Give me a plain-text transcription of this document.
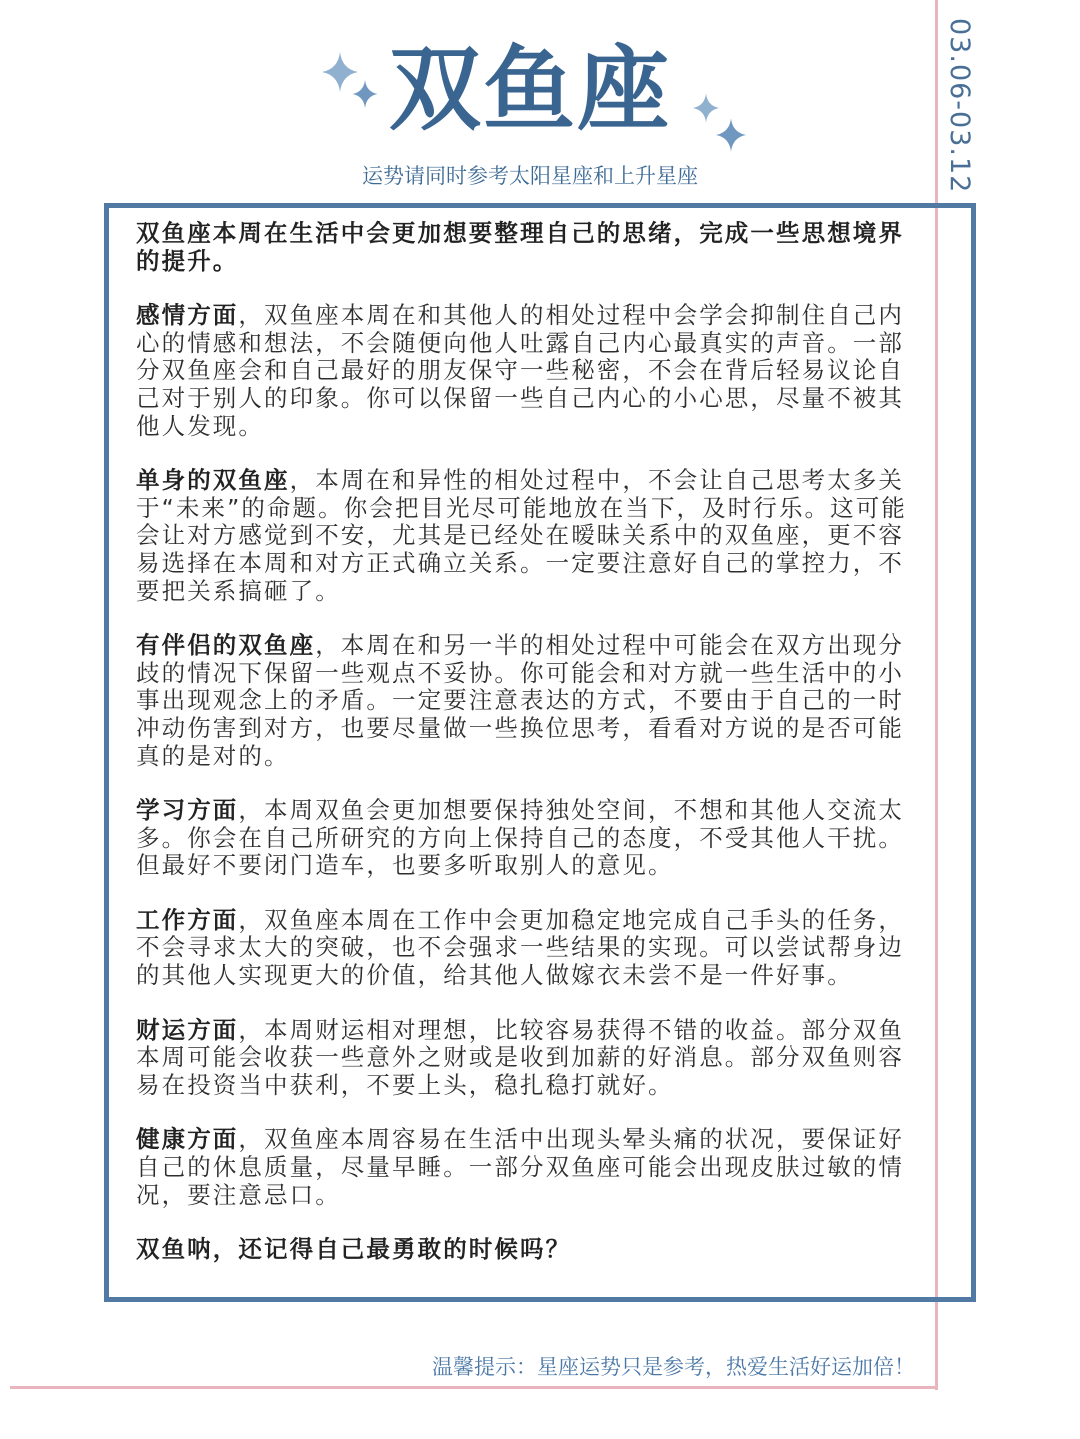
03.06-03.12
双鱼座
运势请同时参考太阳星座和上升星座

双鱼座本周在生活中会更加想要整理自己的思绪，完成一些思想境界的提升。

感情方面，双鱼座本周在和其他人的相处过程中会学会抑制住自己内心的情感和想法，不会随便向他人吐露自己内心最真实的声音。一部分双鱼座会和自己最好的朋友保守一些秘密，不会在背后轻易议论自己对于别人的印象。你可以保留一些自己内心的小心思，尽量不被其他人发现。

单身的双鱼座，本周在和异性的相处过程中，不会让自己思考太多关于“未来”的命题。你会把目光尽可能地放在当下，及时行乐。这可能会让对方感觉到不安，尤其是已经处在暧昧关系中的双鱼座，更不容易选择在本周和对方正式确立关系。一定要注意好自己的掌控力，不要把关系搞砸了。

有伴侣的双鱼座，本周在和另一半的相处过程中可能会在双方出现分歧的情况下保留一些观点不妥协。你可能会和对方就一些生活中的小事出现观念上的矛盾。一定要注意表达的方式，不要由于自己的一时冲动伤害到对方，也要尽量做一些换位思考，看看对方说的是否可能真的是对的。

学习方面，本周双鱼会更加想要保持独处空间，不想和其他人交流太多。你会在自己所研究的方向上保持自己的态度，不受其他人干扰。但最好不要闭门造车，也要多听取别人的意见。

工作方面，双鱼座本周在工作中会更加稳定地完成自己手头的任务，不会寻求太大的突破，也不会强求一些结果的实现。可以尝试帮身边的其他人实现更大的价值，给其他人做嫁衣未尝不是一件好事。

财运方面，本周财运相对理想，比较容易获得不错的收益。部分双鱼本周可能会收获一些意外之财或是收到加薪的好消息。部分双鱼则容易在投资当中获利，不要上头，稳扎稳打就好。

健康方面，双鱼座本周容易在生活中出现头晕头痛的状况，要保证好自己的休息质量，尽量早睡。一部分双鱼座可能会出现皮肤过敏的情况，要注意忌口。

双鱼呐，还记得自己最勇敢的时候吗？

温馨提示：星座运势只是参考，热爱生活好运加倍！
